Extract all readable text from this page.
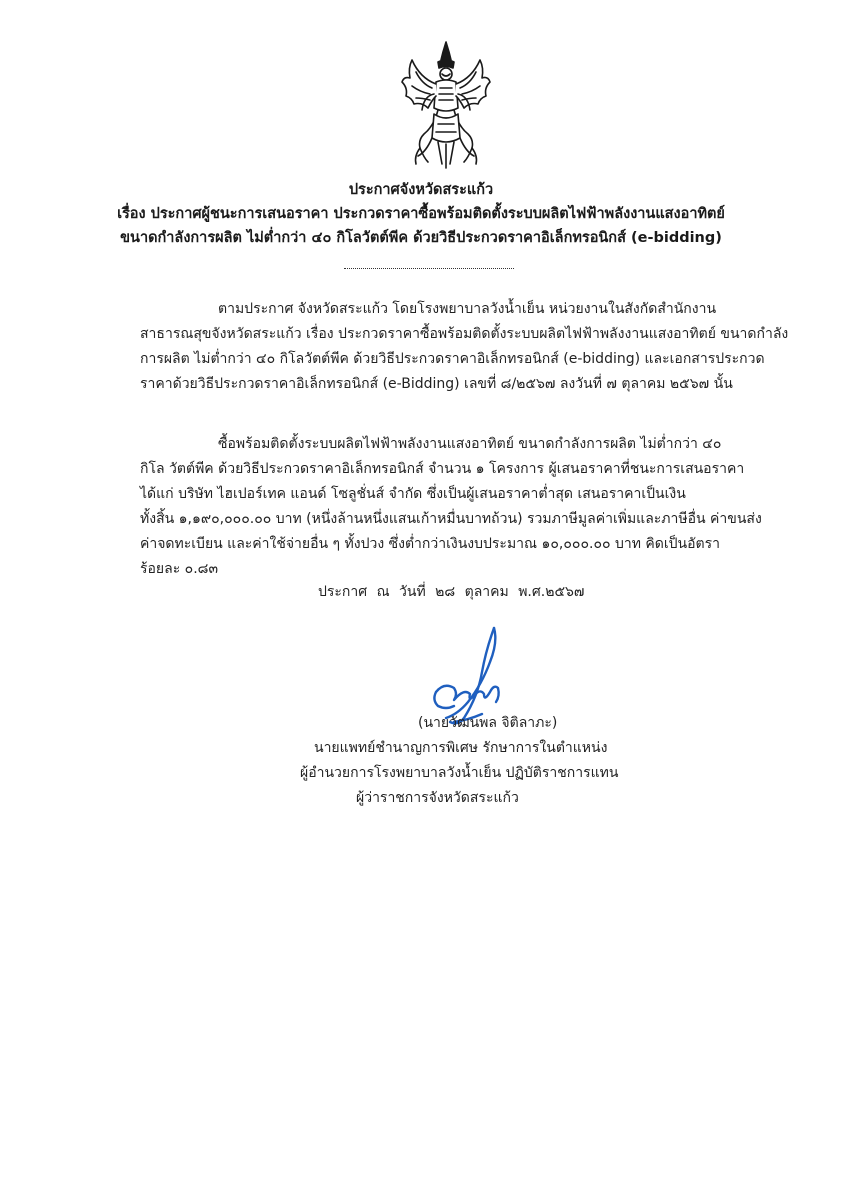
ประกาศจังหวัดสระแก้ว
เรื่อง ประกาศผู้ชนะการเสนอราคา ประกวดราคาซื้อพร้อมติดตั้งระบบผลิตไฟฟ้าพลังงานแสงอาทิตย์
ขนาดกำลังการผลิต ไม่ต่ำกว่า ๔๐ กิโลวัตต์พีค ด้วยวิธีประกวดราคาอิเล็กทรอนิกส์ (e-bidding)
ตามประกาศ จังหวัดสระแก้ว โดยโรงพยาบาลวังน้ำเย็น หน่วยงานในสังกัดสำนักงาน
สาธารณสุขจังหวัดสระแก้ว เรื่อง ประกวดราคาซื้อพร้อมติดตั้งระบบผลิตไฟฟ้าพลังงานแสงอาทิตย์ ขนาดกำลัง
การผลิต ไม่ต่ำกว่า ๔๐ กิโลวัตต์พีค ด้วยวิธีประกวดราคาอิเล็กทรอนิกส์ (e-bidding) และเอกสารประกวด
ราคาด้วยวิธีประกวดราคาอิเล็กทรอนิกส์ (e-Bidding) เลขที่ ๘/๒๕๖๗ ลงวันที่ ๗ ตุลาคม ๒๕๖๗ นั้น
ซื้อพร้อมติดตั้งระบบผลิตไฟฟ้าพลังงานแสงอาทิตย์ ขนาดกำลังการผลิต ไม่ต่ำกว่า ๔๐
กิโล วัตต์พีค ด้วยวิธีประกวดราคาอิเล็กทรอนิกส์ จำนวน ๑ โครงการ ผู้เสนอราคาที่ชนะการเสนอราคา
ได้แก่ บริษัท ไฮเปอร์เทค แอนด์ โซลูชั่นส์ จำกัด ซึ่งเป็นผู้เสนอราคาต่ำสุด เสนอราคาเป็นเงิน
ทั้งสิ้น ๑,๑๙๐,๐๐๐.๐๐ บาท (หนึ่งล้านหนึ่งแสนเก้าหมื่นบาทถ้วน) รวมภาษีมูลค่าเพิ่มและภาษีอื่น ค่าขนส่ง
ค่าจดทะเบียน และค่าใช้จ่ายอื่น ๆ ทั้งปวง ซึ่งต่ำกว่าเงินงบประมาณ ๑๐,๐๐๐.๐๐ บาท คิดเป็นอัตรา
ร้อยละ ๐.๘๓
ประกาศ ณ วันที่ ๒๘ ตุลาคม พ.ศ.๒๕๖๗
(นายวัฒนพล จิติลาภะ)
นายแพทย์ชำนาญการพิเศษ รักษาการในตำแหน่ง
ผู้อำนวยการโรงพยาบาลวังน้ำเย็น ปฏิบัติราชการแทน
ผู้ว่าราชการจังหวัดสระแก้ว
